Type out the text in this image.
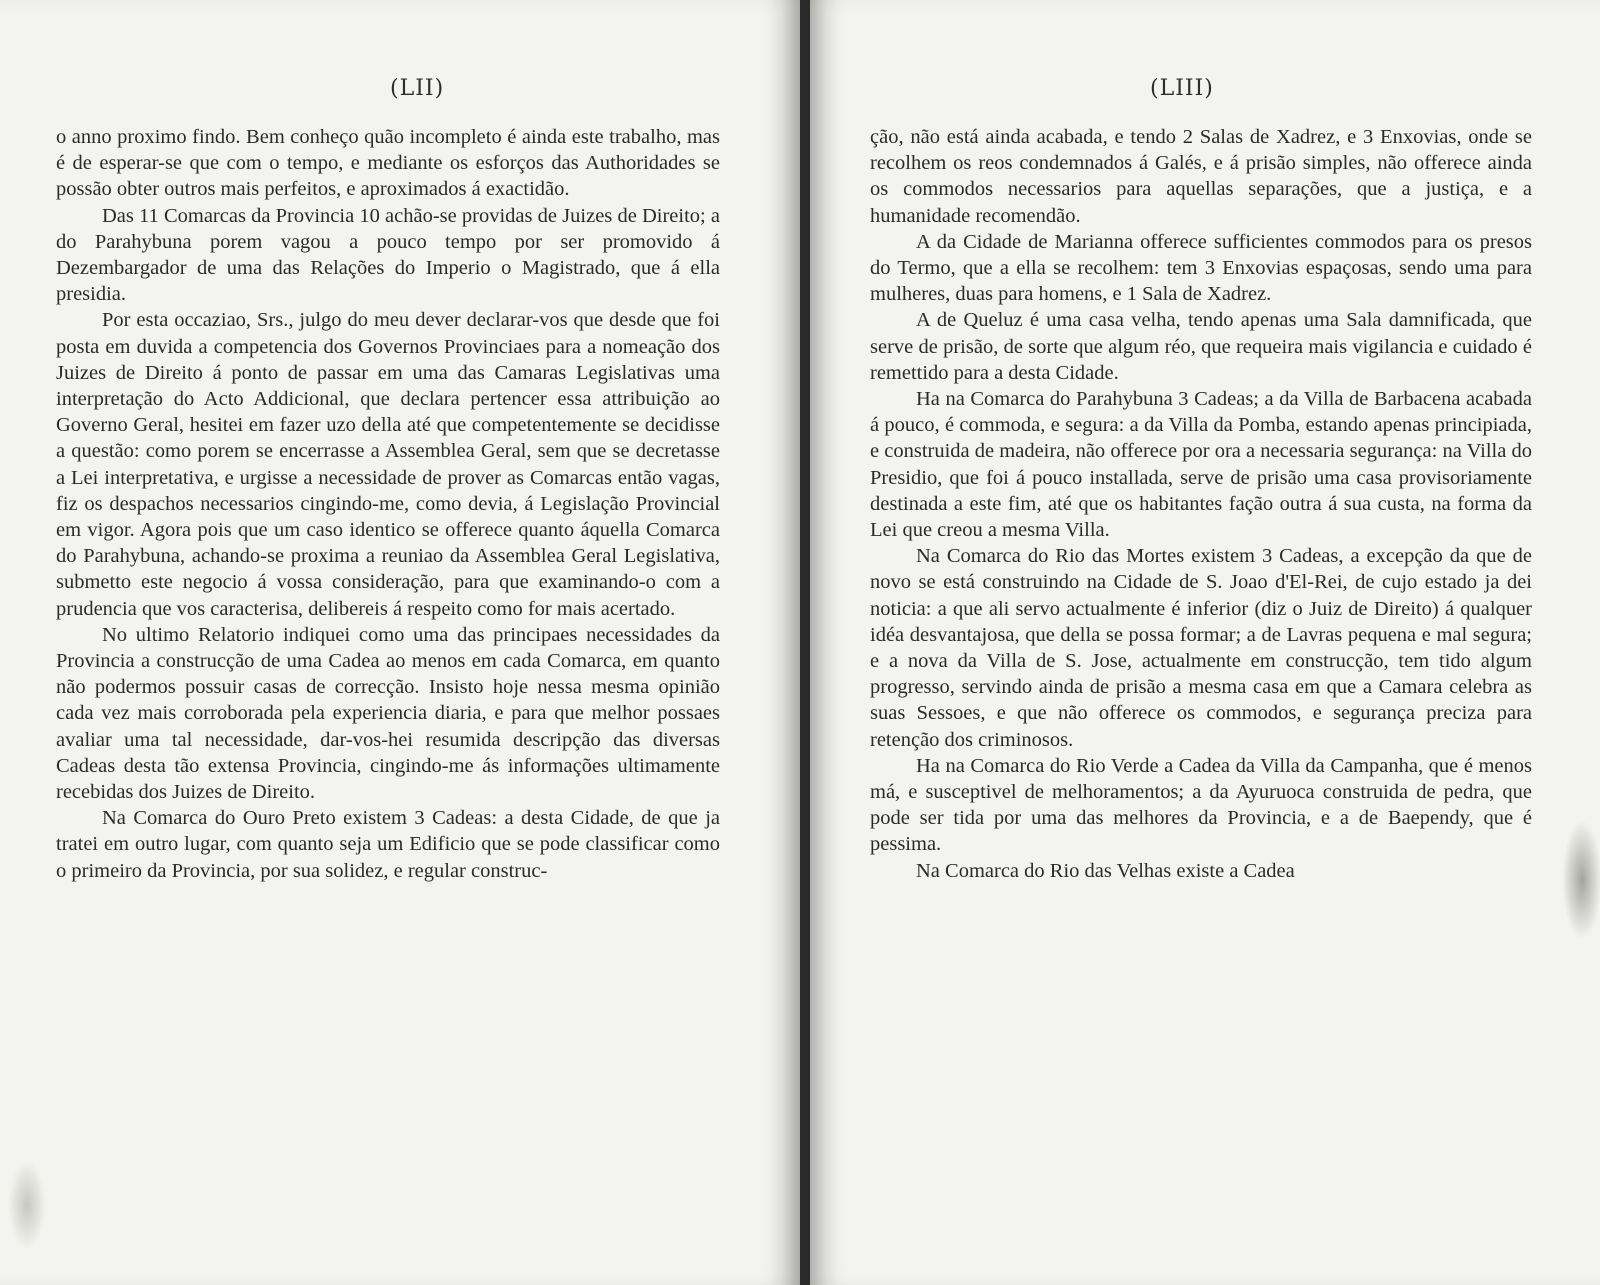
(LII)

o anno proximo findo. Bem conheço quão incompleto é ainda este trabalho, mas é de esperar-se que com o tempo, e mediante os esforços das Authoridades se possão obter outros mais perfeitos, e aproximados á exactidão.

Das 11 Comarcas da Provincia 10 achão-se providas de Juizes de Direito; a do Parahybuna porem vagou a pouco tempo por ser promovido á Dezembargador de uma das Relações do Imperio o Magistrado, que á ella presidia.

Por esta occaziao, Srs., julgo do meu dever declarar-vos que desde que foi posta em duvida a competencia dos Governos Provinciaes para a nomeação dos Juizes de Direito á ponto de passar em uma das Camaras Legislativas uma interpretação do Acto Addicional, que declara pertencer essa attribuição ao Governo Geral, hesitei em fazer uzo della até que competentemente se decidisse a questão: como porem se encerrasse a Assemblea Geral, sem que se decretasse a Lei interpretativa, e urgisse a necessidade de prover as Comarcas então vagas, fiz os despachos necessarios cingindo-me, como devia, á Legislação Provincial em vigor. Agora pois que um caso identico se offerece quanto áquella Comarca do Parahybuna, achando-se proxima a reuniao da Assemblea Geral Legislativa, submetto este negocio á vossa consideração, para que examinando-o com a prudencia que vos caracterisa, delibereis á respeito como for mais acertado.

No ultimo Relatorio indiquei como uma das principaes necessidades da Provincia a construcção de uma Cadea ao menos em cada Comarca, em quanto não podermos possuir casas de correcção. Insisto hoje nessa mesma opinião cada vez mais corroborada pela experiencia diaria, e para que melhor possaes avaliar uma tal necessidade, dar-vos-hei resumida descripção das diversas Cadeas desta tão extensa Provincia, cingindo-me ás informações ultimamente recebidas dos Juizes de Direito.

Na Comarca do Ouro Preto existem 3 Cadeas: a desta Cidade, de que ja tratei em outro lugar, com quanto seja um Edificio que se pode classificar como o primeiro da Provincia, por sua solidez, e regular construc-

(LIII)

ção, não está ainda acabada, e tendo 2 Salas de Xadrez, e 3 Enxovias, onde se recolhem os reos condemnados á Galés, e á prisão simples, não offerece ainda os commodos necessarios para aquellas separações, que a justiça, e a humanidade recomendão.

A da Cidade de Marianna offerece sufficientes commodos para os presos do Termo, que a ella se recolhem: tem 3 Enxovias espaçosas, sendo uma para mulheres, duas para homens, e 1 Sala de Xadrez.

A de Queluz é uma casa velha, tendo apenas uma Sala damnificada, que serve de prisão, de sorte que algum réo, que requeira mais vigilancia e cuidado é remettido para a desta Cidade.

Ha na Comarca do Parahybuna 3 Cadeas; a da Villa de Barbacena acabada á pouco, é commoda, e segura: a da Villa da Pomba, estando apenas principiada, e construida de madeira, não offerece por ora a necessaria segurança: na Villa do Presidio, que foi á pouco installada, serve de prisão uma casa provisoriamente destinada a este fim, até que os habitantes fação outra á sua custa, na forma da Lei que creou a mesma Villa.

Na Comarca do Rio das Mortes existem 3 Cadeas, a excepção da que de novo se está construindo na Cidade de S. Joao d'El-Rei, de cujo estado ja dei noticia: a que ali servo actualmente é inferior (diz o Juiz de Direito) á qualquer idéa desvantajosa, que della se possa formar; a de Lavras pequena e mal segura; e a nova da Villa de S. Jose, actualmente em construcção, tem tido algum progresso, servindo ainda de prisão a mesma casa em que a Camara celebra as suas Sessoes, e que não offerece os commodos, e segurança preciza para retenção dos criminosos.

Ha na Comarca do Rio Verde a Cadea da Villa da Campanha, que é menos má, e susceptivel de melhoramentos; a da Ayuruoca construida de pedra, que pode ser tida por uma das melhores da Provincia, e a de Baependy, que é pessima.

Na Comarca do Rio das Velhas existe a Cadea
